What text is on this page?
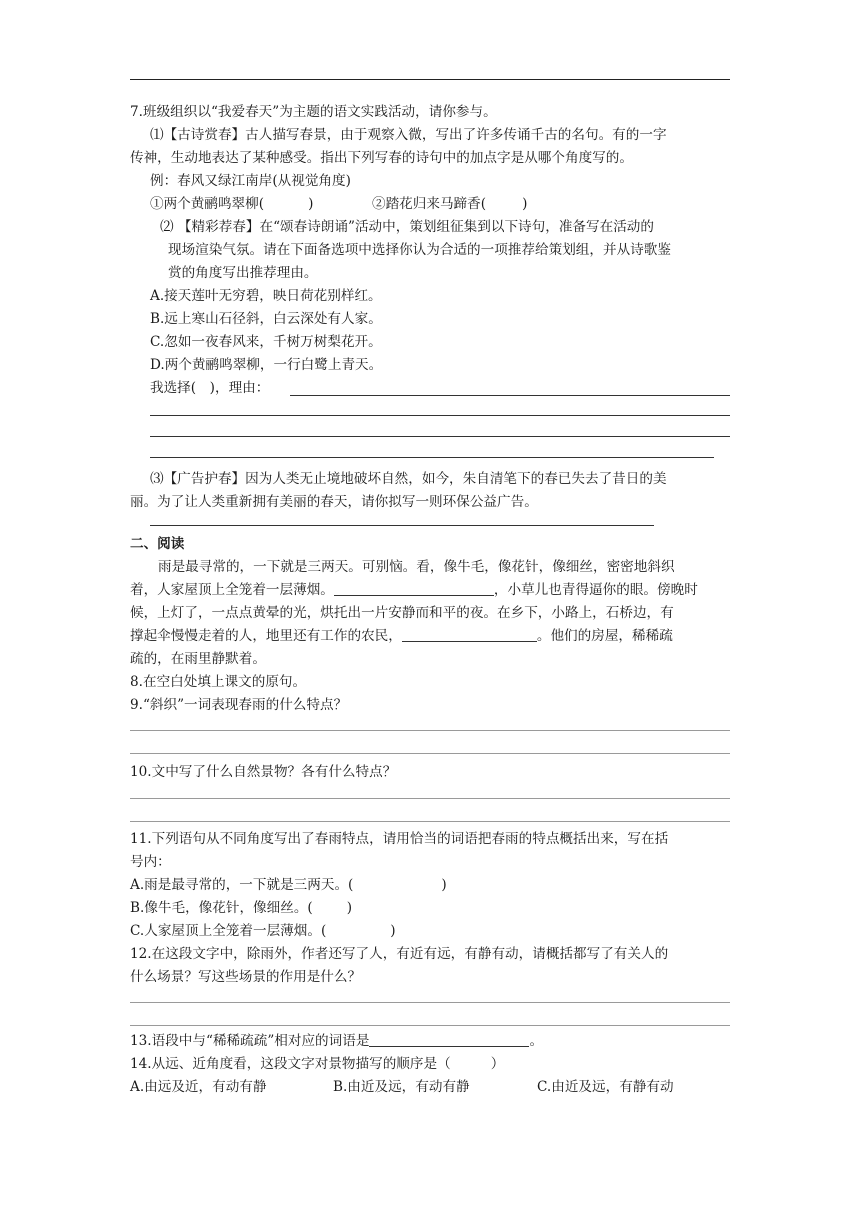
7.班级组织以“我爱春天”为主题的语文实践活动，请你参与。
⑴【古诗赏春】古人描写春景，由于观察入微，写出了许多传诵千古的名句。有的一字
传神，生动地表达了某种感受。指出下列写春的诗句中的加点字是从哪个角度写的。
例：春风又绿江南岸(从视觉角度)
①两个黄鹂鸣翠柳(	)	②踏花归来马蹄香(	)
⑵ 【精彩荐春】在“颂春诗朗诵”活动中，策划组征集到以下诗句，准备写在活动的
现场渲染气氛。请在下面备选项中选择你认为合适的一项推荐给策划组，并从诗歌鉴
赏的角度写出推荐理由。
A.接天莲叶无穷碧，映日荷花别样红。
B.远上寒山石径斜，白云深处有人家。
C.忽如一夜春风来，千树万树梨花开。
D.两个黄鹂鸣翠柳，一行白鹭上青天。
我选择(　)，理由：
⑶【广告护春】因为人类无止境地破坏自然，如今，朱自清笔下的春已失去了昔日的美
丽。为了让人类重新拥有美丽的春天，请你拟写一则环保公益广告。
二、阅读
雨是最寻常的，一下就是三两天。可别恼。看，像牛毛，像花针，像细丝，密密地斜织
着，人家屋顶上全笼着一层薄烟。	，小草儿也青得逼你的眼。傍晚时
候，上灯了，一点点黄晕的光，烘托出一片安静而和平的夜。在乡下，小路上，石桥边，有
撑起伞慢慢走着的人，地里还有工作的农民，	。他们的房屋，稀稀疏
疏的，在雨里静默着。
8.在空白处填上课文的原句。
9.“斜织”一词表现春雨的什么特点？
10.文中写了什么自然景物？各有什么特点？
11.下列语句从不同角度写出了春雨特点，请用恰当的词语把春雨的特点概括出来，写在括
号内：
A.雨是最寻常的，一下就是三两天。(	)
B.像牛毛，像花针，像细丝。(	)
C.人家屋顶上全笼着一层薄烟。(	)
12.在这段文字中，除雨外，作者还写了人，有近有远，有静有动，请概括都写了有关人的
什么场景？写这些场景的作用是什么？
13.语段中与“稀稀疏疏”相对应的词语是	。
14.从远、近角度看，这段文字对景物描写的顺序是（	）
A.由远及近，有动有静	B.由近及远，有动有静	C.由近及远，有静有动
